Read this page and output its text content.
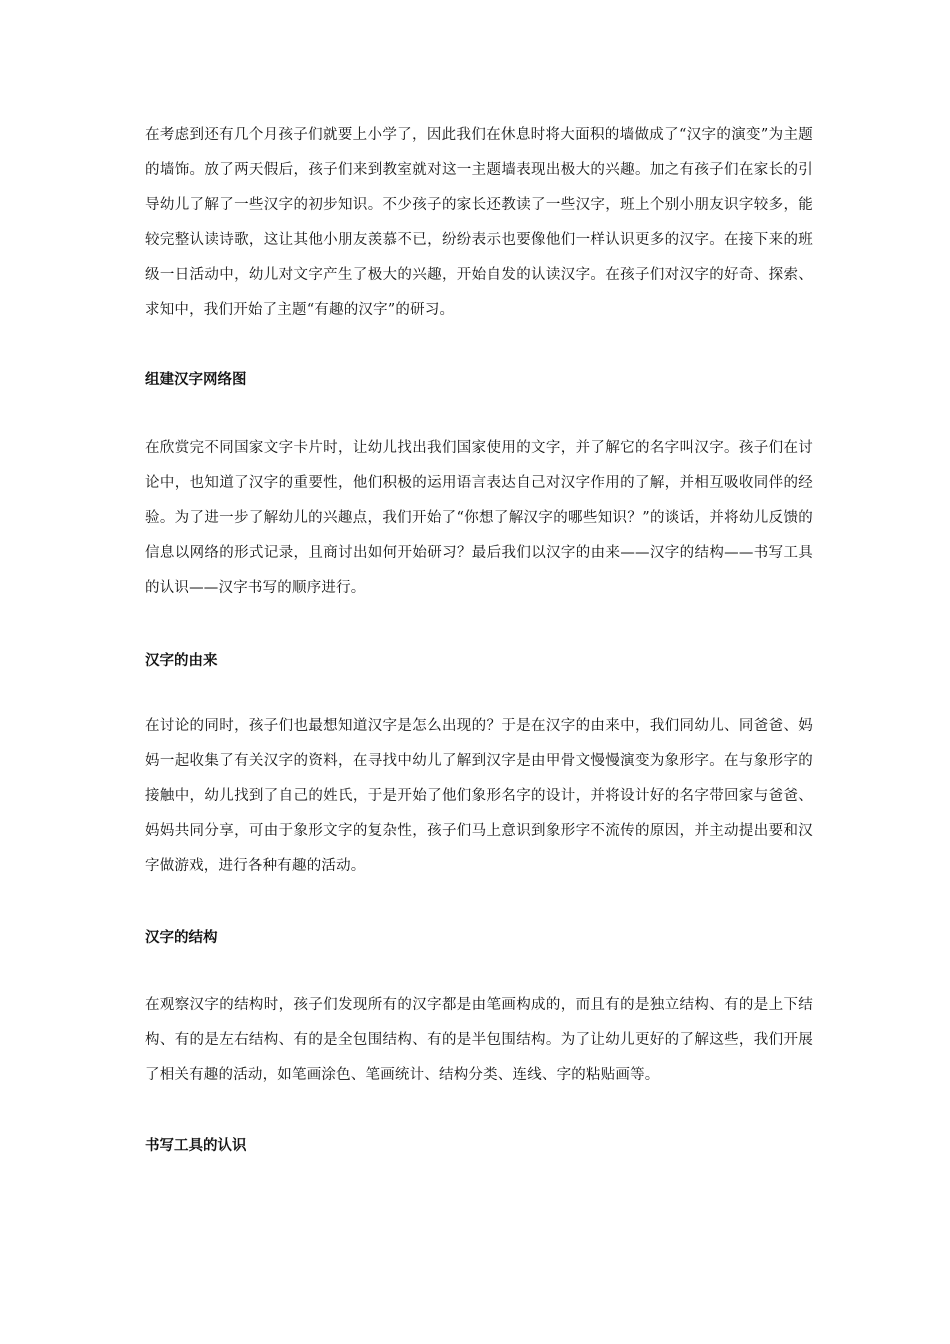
在考虑到还有几个月孩子们就要上小学了，因此我们在休息时将大面积的墙做成了“汉字的演变”为主题的墙饰。放了两天假后，孩子们来到教室就对这一主题墙表现出极大的兴趣。加之有孩子们在家长的引导幼儿了解了一些汉字的初步知识。不少孩子的家长还教读了一些汉字，班上个别小朋友识字较多，能较完整认读诗歌，这让其他小朋友羡慕不已，纷纷表示也要像他们一样认识更多的汉字。在接下来的班级一日活动中，幼儿对文字产生了极大的兴趣，开始自发的认读汉字。在孩子们对汉字的好奇、探索、求知中，我们开始了主题“有趣的汉字”的研习。

组建汉字网络图

在欣赏完不同国家文字卡片时，让幼儿找出我们国家使用的文字，并了解它的名字叫汉字。孩子们在讨论中，也知道了汉字的重要性，他们积极的运用语言表达自己对汉字作用的了解，并相互吸收同伴的经验。为了进一步了解幼儿的兴趣点，我们开始了“你想了解汉字的哪些知识？”的谈话，并将幼儿反馈的信息以网络的形式记录，且商讨出如何开始研习？最后我们以汉字的由来——汉字的结构——书写工具的认识——汉字书写的顺序进行。

汉字的由来

在讨论的同时，孩子们也最想知道汉字是怎么出现的？于是在汉字的由来中，我们同幼儿、同爸爸、妈妈一起收集了有关汉字的资料，在寻找中幼儿了解到汉字是由甲骨文慢慢演变为象形字。在与象形字的接触中，幼儿找到了自己的姓氏，于是开始了他们象形名字的设计，并将设计好的名字带回家与爸爸、妈妈共同分享，可由于象形文字的复杂性，孩子们马上意识到象形字不流传的原因，并主动提出要和汉字做游戏，进行各种有趣的活动。

汉字的结构

在观察汉字的结构时，孩子们发现所有的汉字都是由笔画构成的，而且有的是独立结构、有的是上下结构、有的是左右结构、有的是全包围结构、有的是半包围结构。为了让幼儿更好的了解这些，我们开展了相关有趣的活动，如笔画涂色、笔画统计、结构分类、连线、字的粘贴画等。

书写工具的认识
